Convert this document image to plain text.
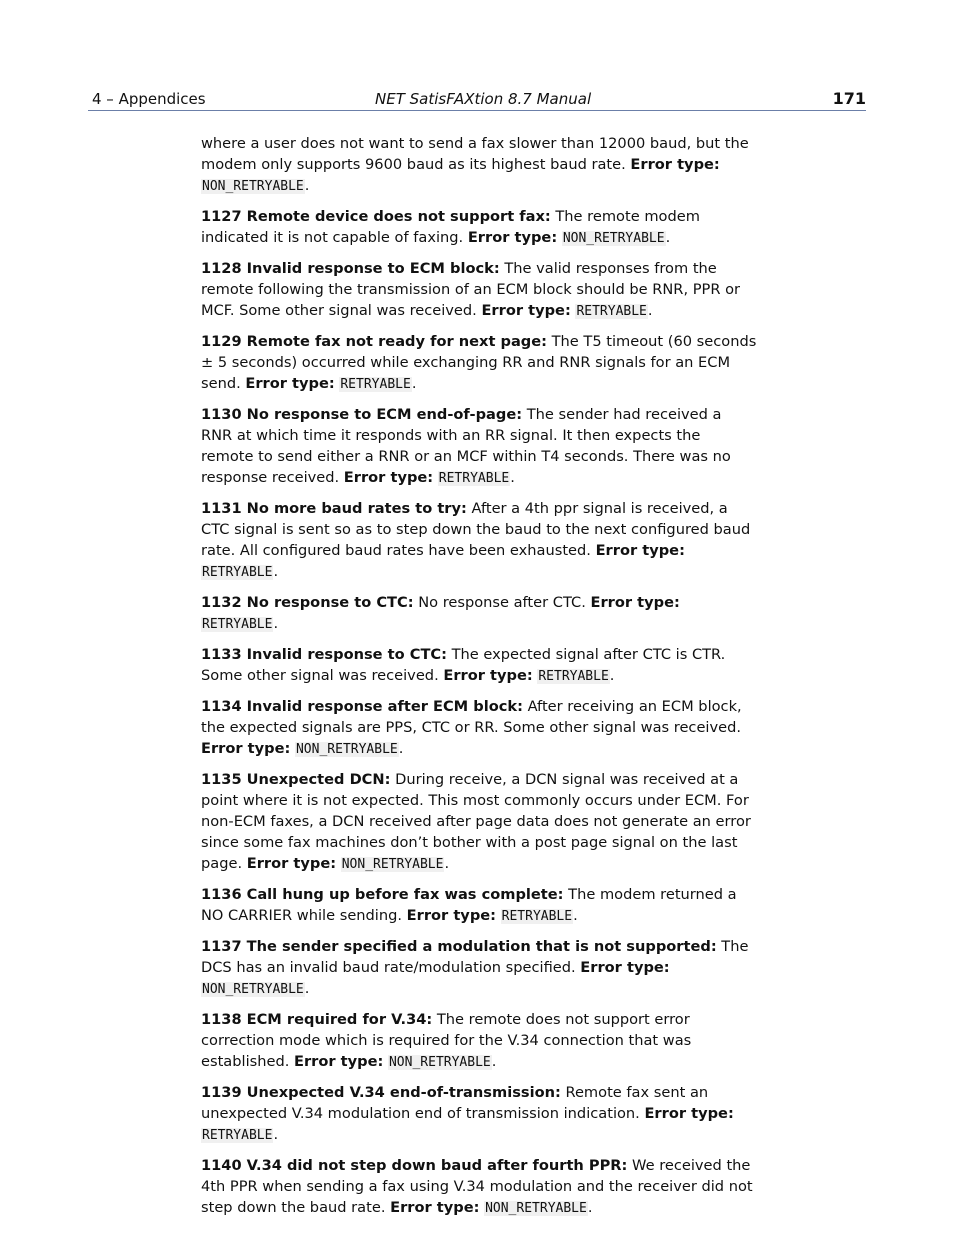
4 – Appendices	NET SatisFAXtion 8.7 Manual	171

where a user does not want to send a fax slower than 12000 baud, but the modem only supports 9600 baud as its highest baud rate. Error type: NON_RETRYABLE.

1127 Remote device does not support fax: The remote modem indicated it is not capable of faxing. Error type: NON_RETRYABLE.

1128 Invalid response to ECM block: The valid responses from the remote following the transmission of an ECM block should be RNR, PPR or MCF. Some other signal was received. Error type: RETRYABLE.

1129 Remote fax not ready for next page: The T5 timeout (60 seconds ± 5 seconds) occurred while exchanging RR and RNR signals for an ECM send. Error type: RETRYABLE.

1130 No response to ECM end-of-page: The sender had received a RNR at which time it responds with an RR signal. It then expects the remote to send either a RNR or an MCF within T4 seconds. There was no response received. Error type: RETRYABLE.

1131 No more baud rates to try: After a 4th ppr signal is received, a CTC signal is sent so as to step down the baud to the next configured baud rate. All configured baud rates have been exhausted. Error type: RETRYABLE.

1132 No response to CTC: No response after CTC. Error type: RETRYABLE.

1133 Invalid response to CTC: The expected signal after CTC is CTR. Some other signal was received. Error type: RETRYABLE.

1134 Invalid response after ECM block: After receiving an ECM block, the expected signals are PPS, CTC or RR. Some other signal was received. Error type: NON_RETRYABLE.

1135 Unexpected DCN: During receive, a DCN signal was received at a point where it is not expected. This most commonly occurs under ECM. For non-ECM faxes, a DCN received after page data does not generate an error since some fax machines don’t bother with a post page signal on the last page. Error type: NON_RETRYABLE.

1136 Call hung up before fax was complete: The modem returned a NO CARRIER while sending. Error type: RETRYABLE.

1137 The sender specified a modulation that is not supported: The DCS has an invalid baud rate/modulation specified. Error type: NON_RETRYABLE.

1138 ECM required for V.34: The remote does not support error correction mode which is required for the V.34 connection that was established. Error type: NON_RETRYABLE.

1139 Unexpected V.34 end-of-transmission: Remote fax sent an unexpected V.34 modulation end of transmission indication. Error type: RETRYABLE.

1140 V.34 did not step down baud after fourth PPR: We received the 4th PPR when sending a fax using V.34 modulation and the receiver did not step down the baud rate. Error type: NON_RETRYABLE.
